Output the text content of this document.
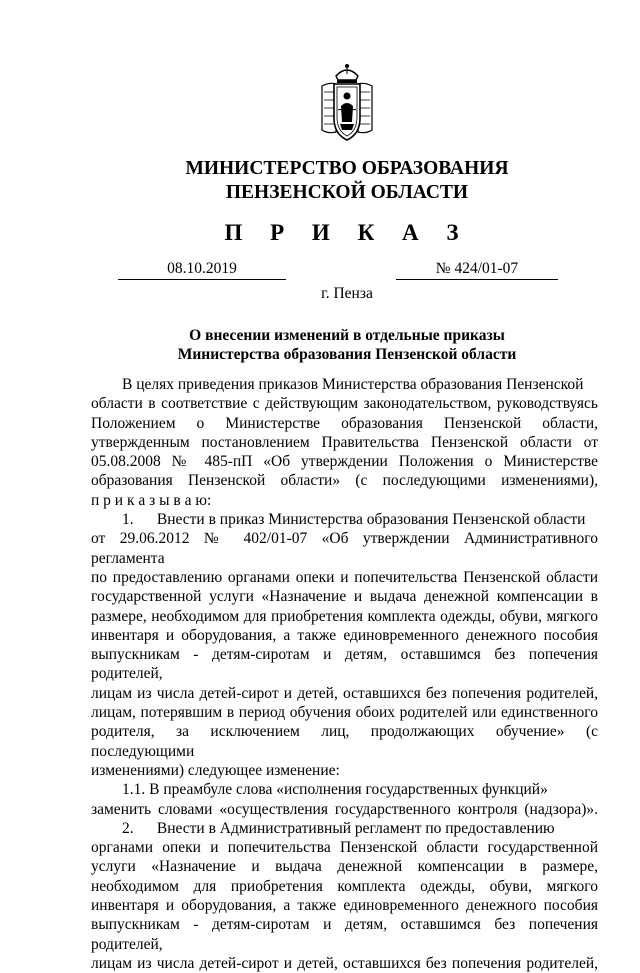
МИНИСТЕРСТВО ОБРАЗОВАНИЯ
ПЕНЗЕНСКОЙ ОБЛАСТИ
П Р И К А З
08.10.2019	№ 424/01-07
г. Пенза
О внесении изменений в отдельные приказы
Министерства образования Пензенской области
В целях приведения приказов Министерства образования Пензенской
области в соответствие с действующим законодательством, руководствуясь
Положением о Министерстве образования Пензенской области,
утвержденным постановлением Правительства Пензенской области от
05.08.2008 № 485-пП «Об утверждении Положения о Министерстве
образования Пензенской области» (с последующими изменениями),
п р и к а з ы в а ю:
1.      Внести в приказ Министерства образования Пензенской области
от 29.06.2012 № 402/01-07 «Об утверждении Административного регламента
по предоставлению органами опеки и попечительства Пензенской области
государственной услуги «Назначение и выдача денежной компенсации в
размере, необходимом для приобретения комплекта одежды, обуви, мягкого
инвентаря и оборудования, а также единовременного денежного пособия
выпускникам - детям-сиротам и детям, оставшимся без попечения родителей,
лицам из числа детей-сирот и детей, оставшихся без попечения родителей,
лицам, потерявшим в период обучения обоих родителей или единственного
родителя, за исключением лиц, продолжающих обучение» (с последующими
изменениями) следующее изменение:
1.1. В преамбуле слова «исполнения государственных функций»
заменить словами «осуществления государственного контроля (надзора)».
2.      Внести в Административный регламент по предоставлению
органами опеки и попечительства Пензенской области государственной
услуги «Назначение и выдача денежной компенсации в размере,
необходимом для приобретения комплекта одежды, обуви, мягкого
инвентаря и оборудования, а также единовременного денежного пособия
выпускникам - детям-сиротам и детям, оставшимся без попечения родителей,
лицам из числа детей-сирот и детей, оставшихся без попечения родителей,
